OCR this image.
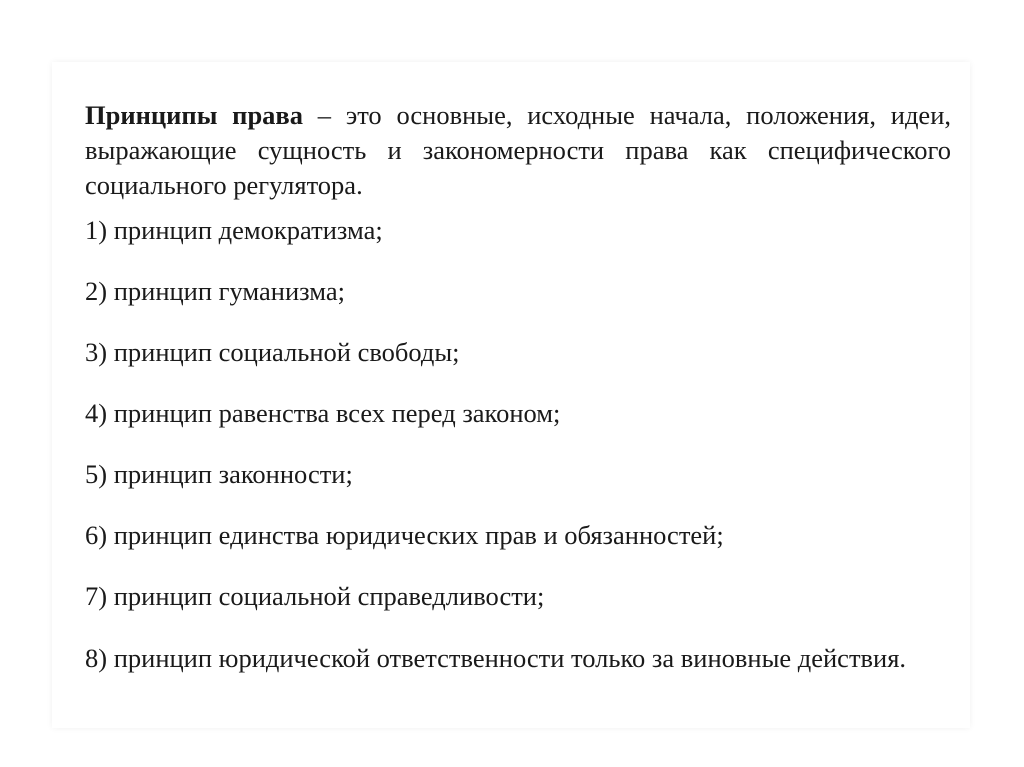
Принципы права – это основные, исходные начала, положения, идеи, выражающие сущность и закономерности права как специфического социального регулятора.

1) принцип демократизма;
2) принцип гуманизма;
3) принцип социальной свободы;
4) принцип равенства всех перед законом;
5) принцип законности;
6) принцип единства юридических прав и обязанностей;
7) принцип социальной справедливости;
8) принцип юридической ответственности только за виновные действия.
